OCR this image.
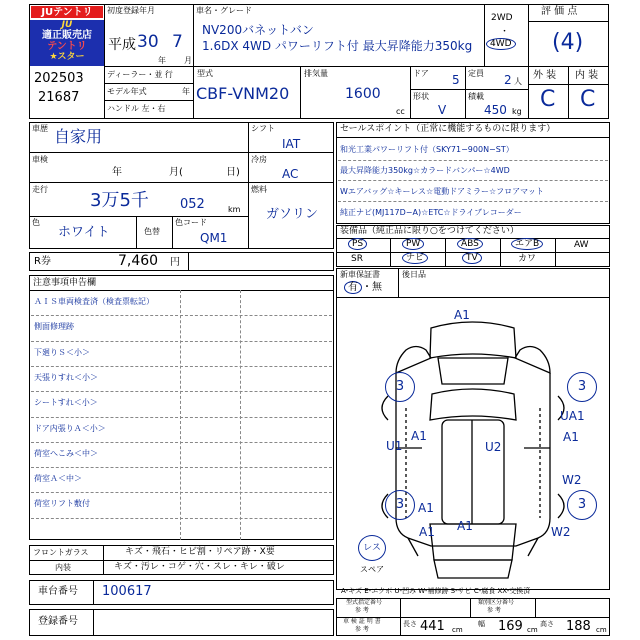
JUテントリ
JU
適正販売店
テントリ
★スター
202503
21687
初度登録年月
平成 30
年
7
月
車名・グレード
NV200バネットバン
1.6DX 4WD パワーリフト付 最大昇降能力350kg
2WD
・
4WD
評 価 点
(4)
ディーラー・並 行
モデル年式	年
ハンドル 左・右
型式
CBF-VNM20
排気量
1600
cc
ドア 5 定員 2 人
形状
V
積載
450 kg
外 装 内 装
C C
車歴 自家用
車検
年	月(	日)
走行
3万5千 052	km
色
ホワイト	色替
色コード
QM1
シフト
IAT
冷房
AC
燃料
ガソリン
R券	7,460 円
セールスポイント（正常に機能するものに限ります）
和光工業パワーリフト付（SKY71−900N−ST）
最大昇降能力350kg☆カラードバンパー☆4WD
Wエアバッグ☆キーレス☆電動ドアミラー☆フロアマット
純正ナビ(MJ117D−A)☆ETC☆ドライブレコーダー
装備品（純正品に限り○をつけてください）
PS	PW	ABS	エアB	AW
SR	ナビ	TV	カワ
新車保証書
有 ・無
後日品
注意事項申告欄
ＡＩＳ車両検査済（検査票転記）
側面修理跡
下廻りＳ＜小＞
天張りすれ＜小＞
シートすれ＜小＞
ドア内張りＡ＜小＞
荷室へこみ＜中＞
荷室Ａ＜中＞
荷室リフト敷付
フロントガラス	キズ・飛石・ヒビ割・リペア跡・X要
内装	キズ・汚レ・コゲ・穴・スレ・キレ・破レ
車台番号 100617
登録番号
3	3
3	3
A1
UA1
U1
A1
U2
A1
W2
A1
A1 A1	W2
レス
スペア
A-キズ E-エクボ U-凹み W-補修跡 S-サビ C-腐食 XX-交換済
型式指定番号
参 考
類別区分番号
参 考
車 検 証 明 書
参 考
長さ 441 cm
幅 169 cm
高さ 188 cm
